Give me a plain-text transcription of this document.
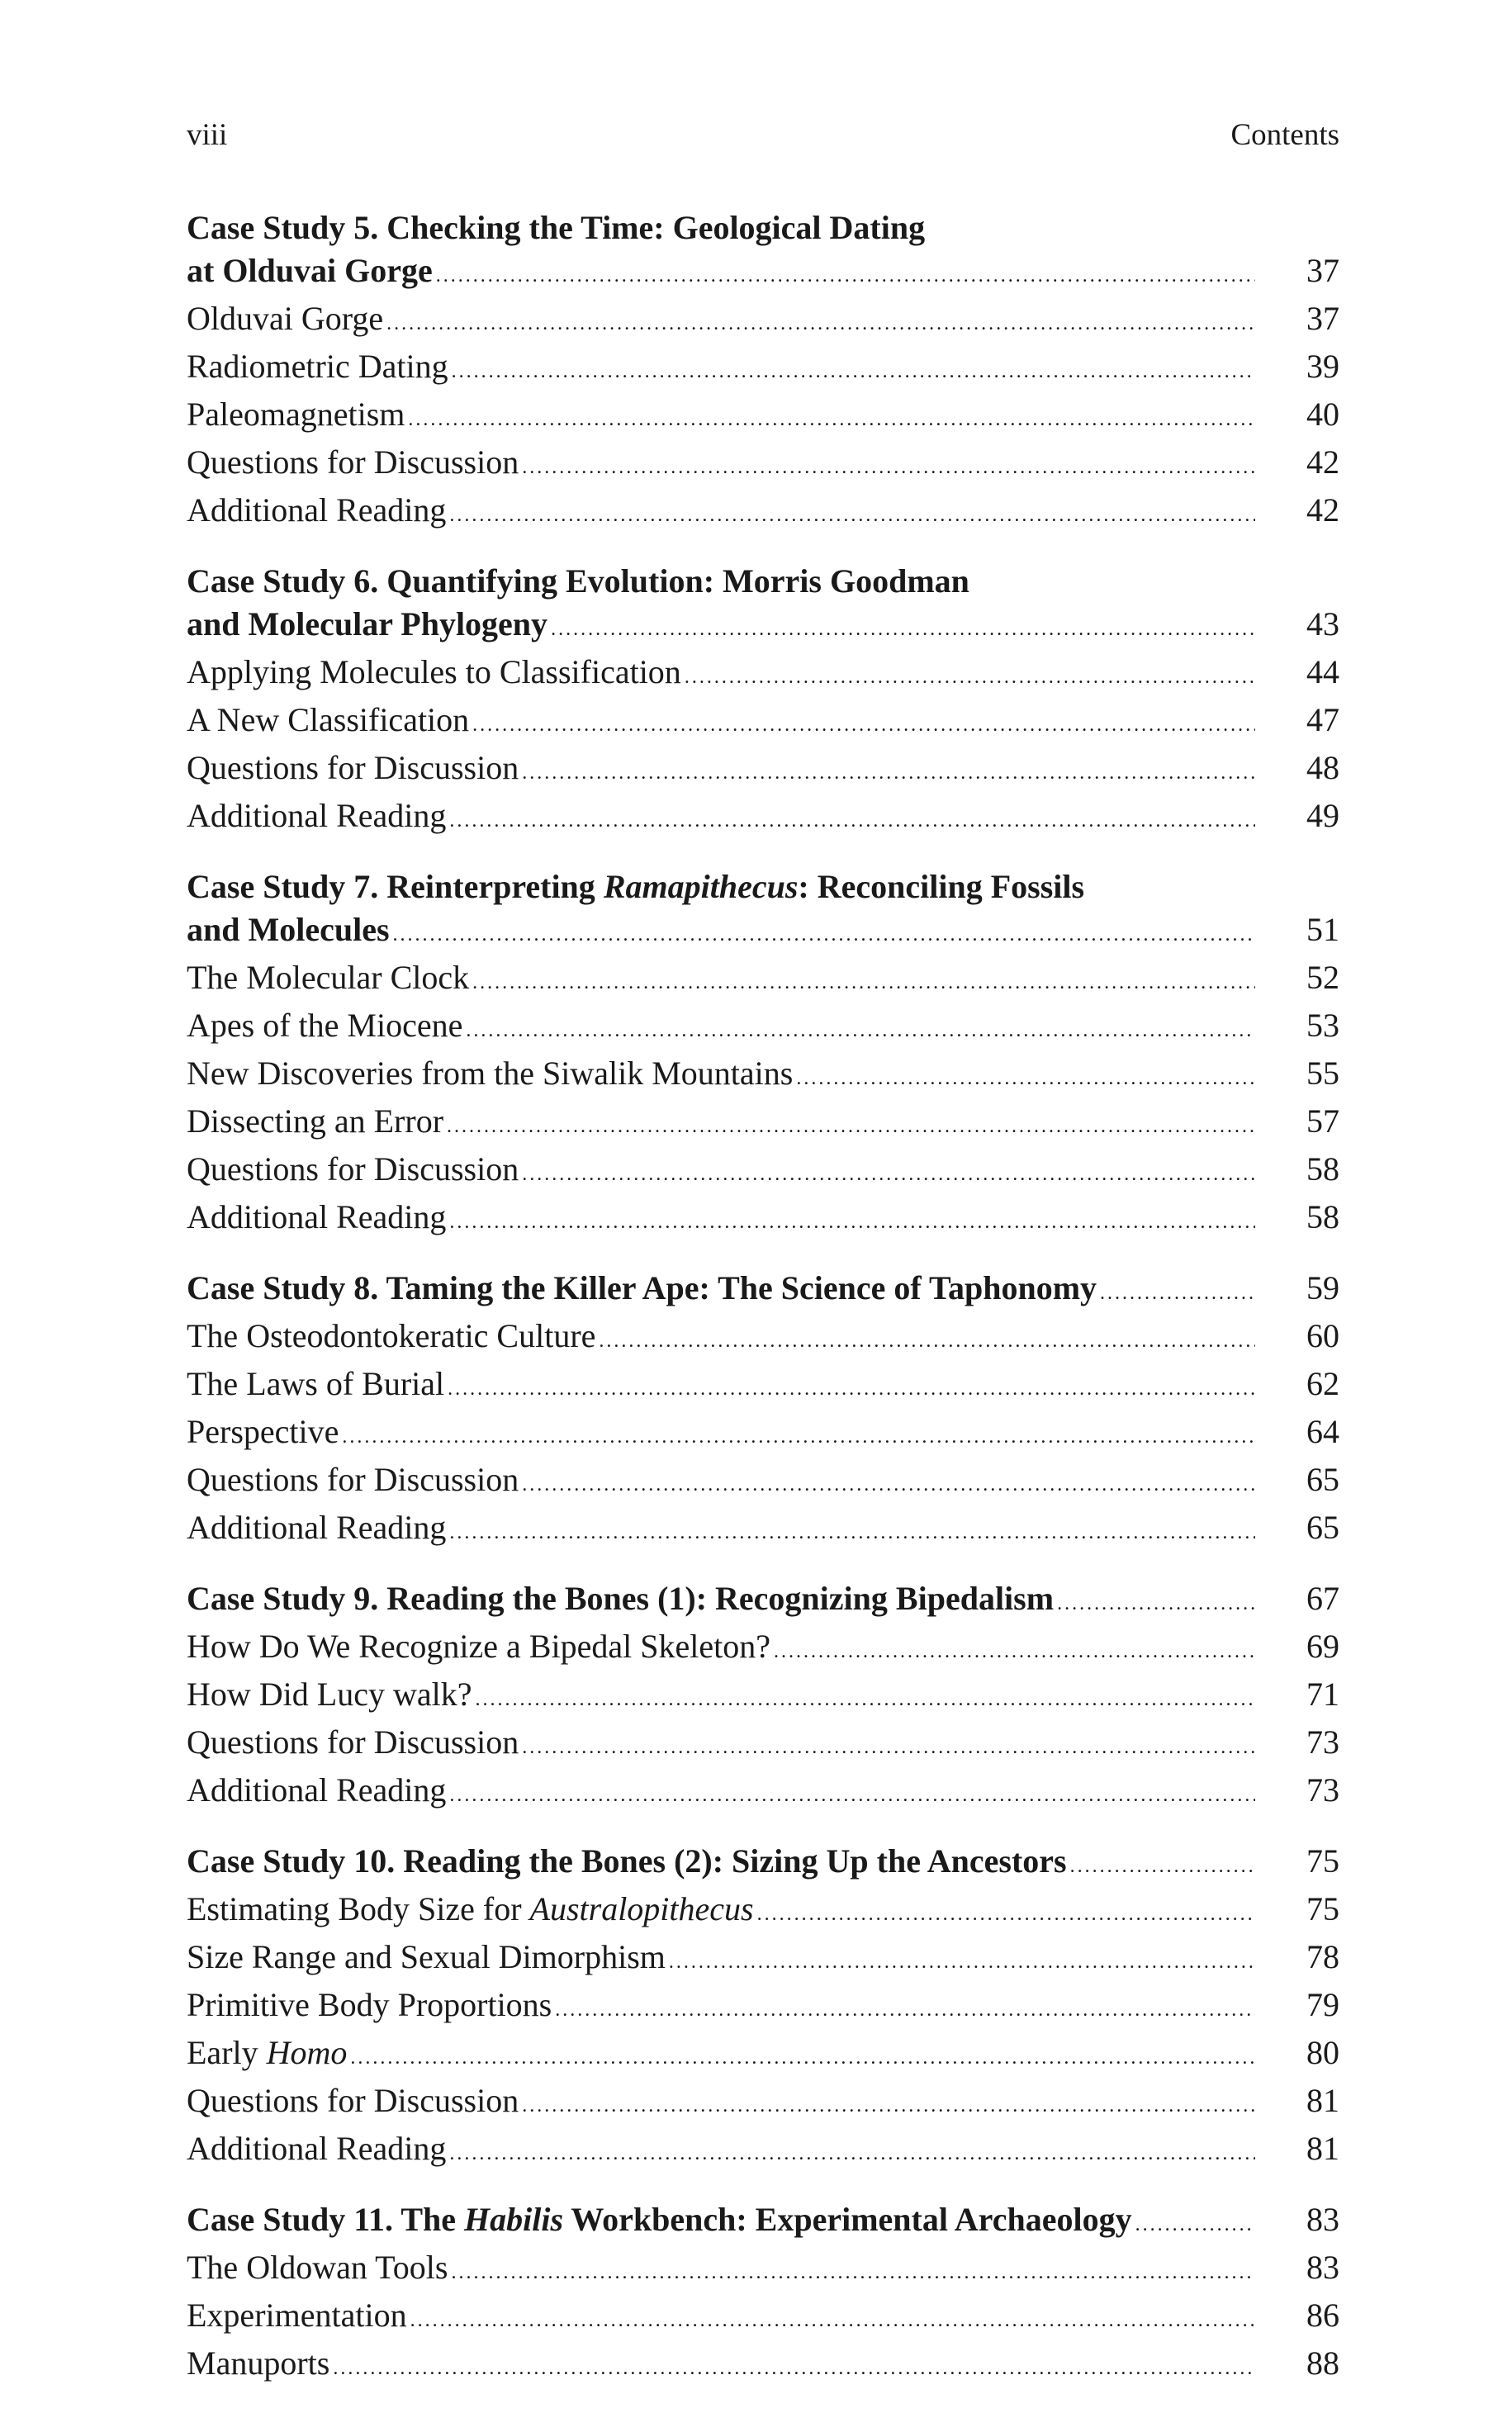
viii	Contents
Case Study 5. Checking the Time: Geological Dating
at Olduvai Gorge .....	37
Olduvai Gorge .....	37
Radiometric Dating .....	39
Paleomagnetism .....	40
Questions for Discussion .....	42
Additional Reading .....	42
Case Study 6. Quantifying Evolution: Morris Goodman
and Molecular Phylogeny .....	43
Applying Molecules to Classification .....	44
A New Classification .....	47
Questions for Discussion .....	48
Additional Reading .....	49
Case Study 7. Reinterpreting Ramapithecus: Reconciling Fossils
and Molecules .....	51
The Molecular Clock .....	52
Apes of the Miocene .....	53
New Discoveries from the Siwalik Mountains .....	55
Dissecting an Error .....	57
Questions for Discussion .....	58
Additional Reading .....	58
Case Study 8. Taming the Killer Ape: The Science of Taphonomy .....	59
The Osteodontokeratic Culture .....	60
The Laws of Burial .....	62
Perspective .....	64
Questions for Discussion .....	65
Additional Reading .....	65
Case Study 9. Reading the Bones (1): Recognizing Bipedalism .....	67
How Do We Recognize a Bipedal Skeleton? .....	69
How Did Lucy walk? .....	71
Questions for Discussion .....	73
Additional Reading .....	73
Case Study 10. Reading the Bones (2): Sizing Up the Ancestors .....	75
Estimating Body Size for Australopithecus .....	75
Size Range and Sexual Dimorphism .....	78
Primitive Body Proportions .....	79
Early Homo .....	80
Questions for Discussion .....	81
Additional Reading .....	81
Case Study 11. The Habilis Workbench: Experimental Archaeology .....	83
The Oldowan Tools .....	83
Experimentation .....	86
Manuports .....	88
